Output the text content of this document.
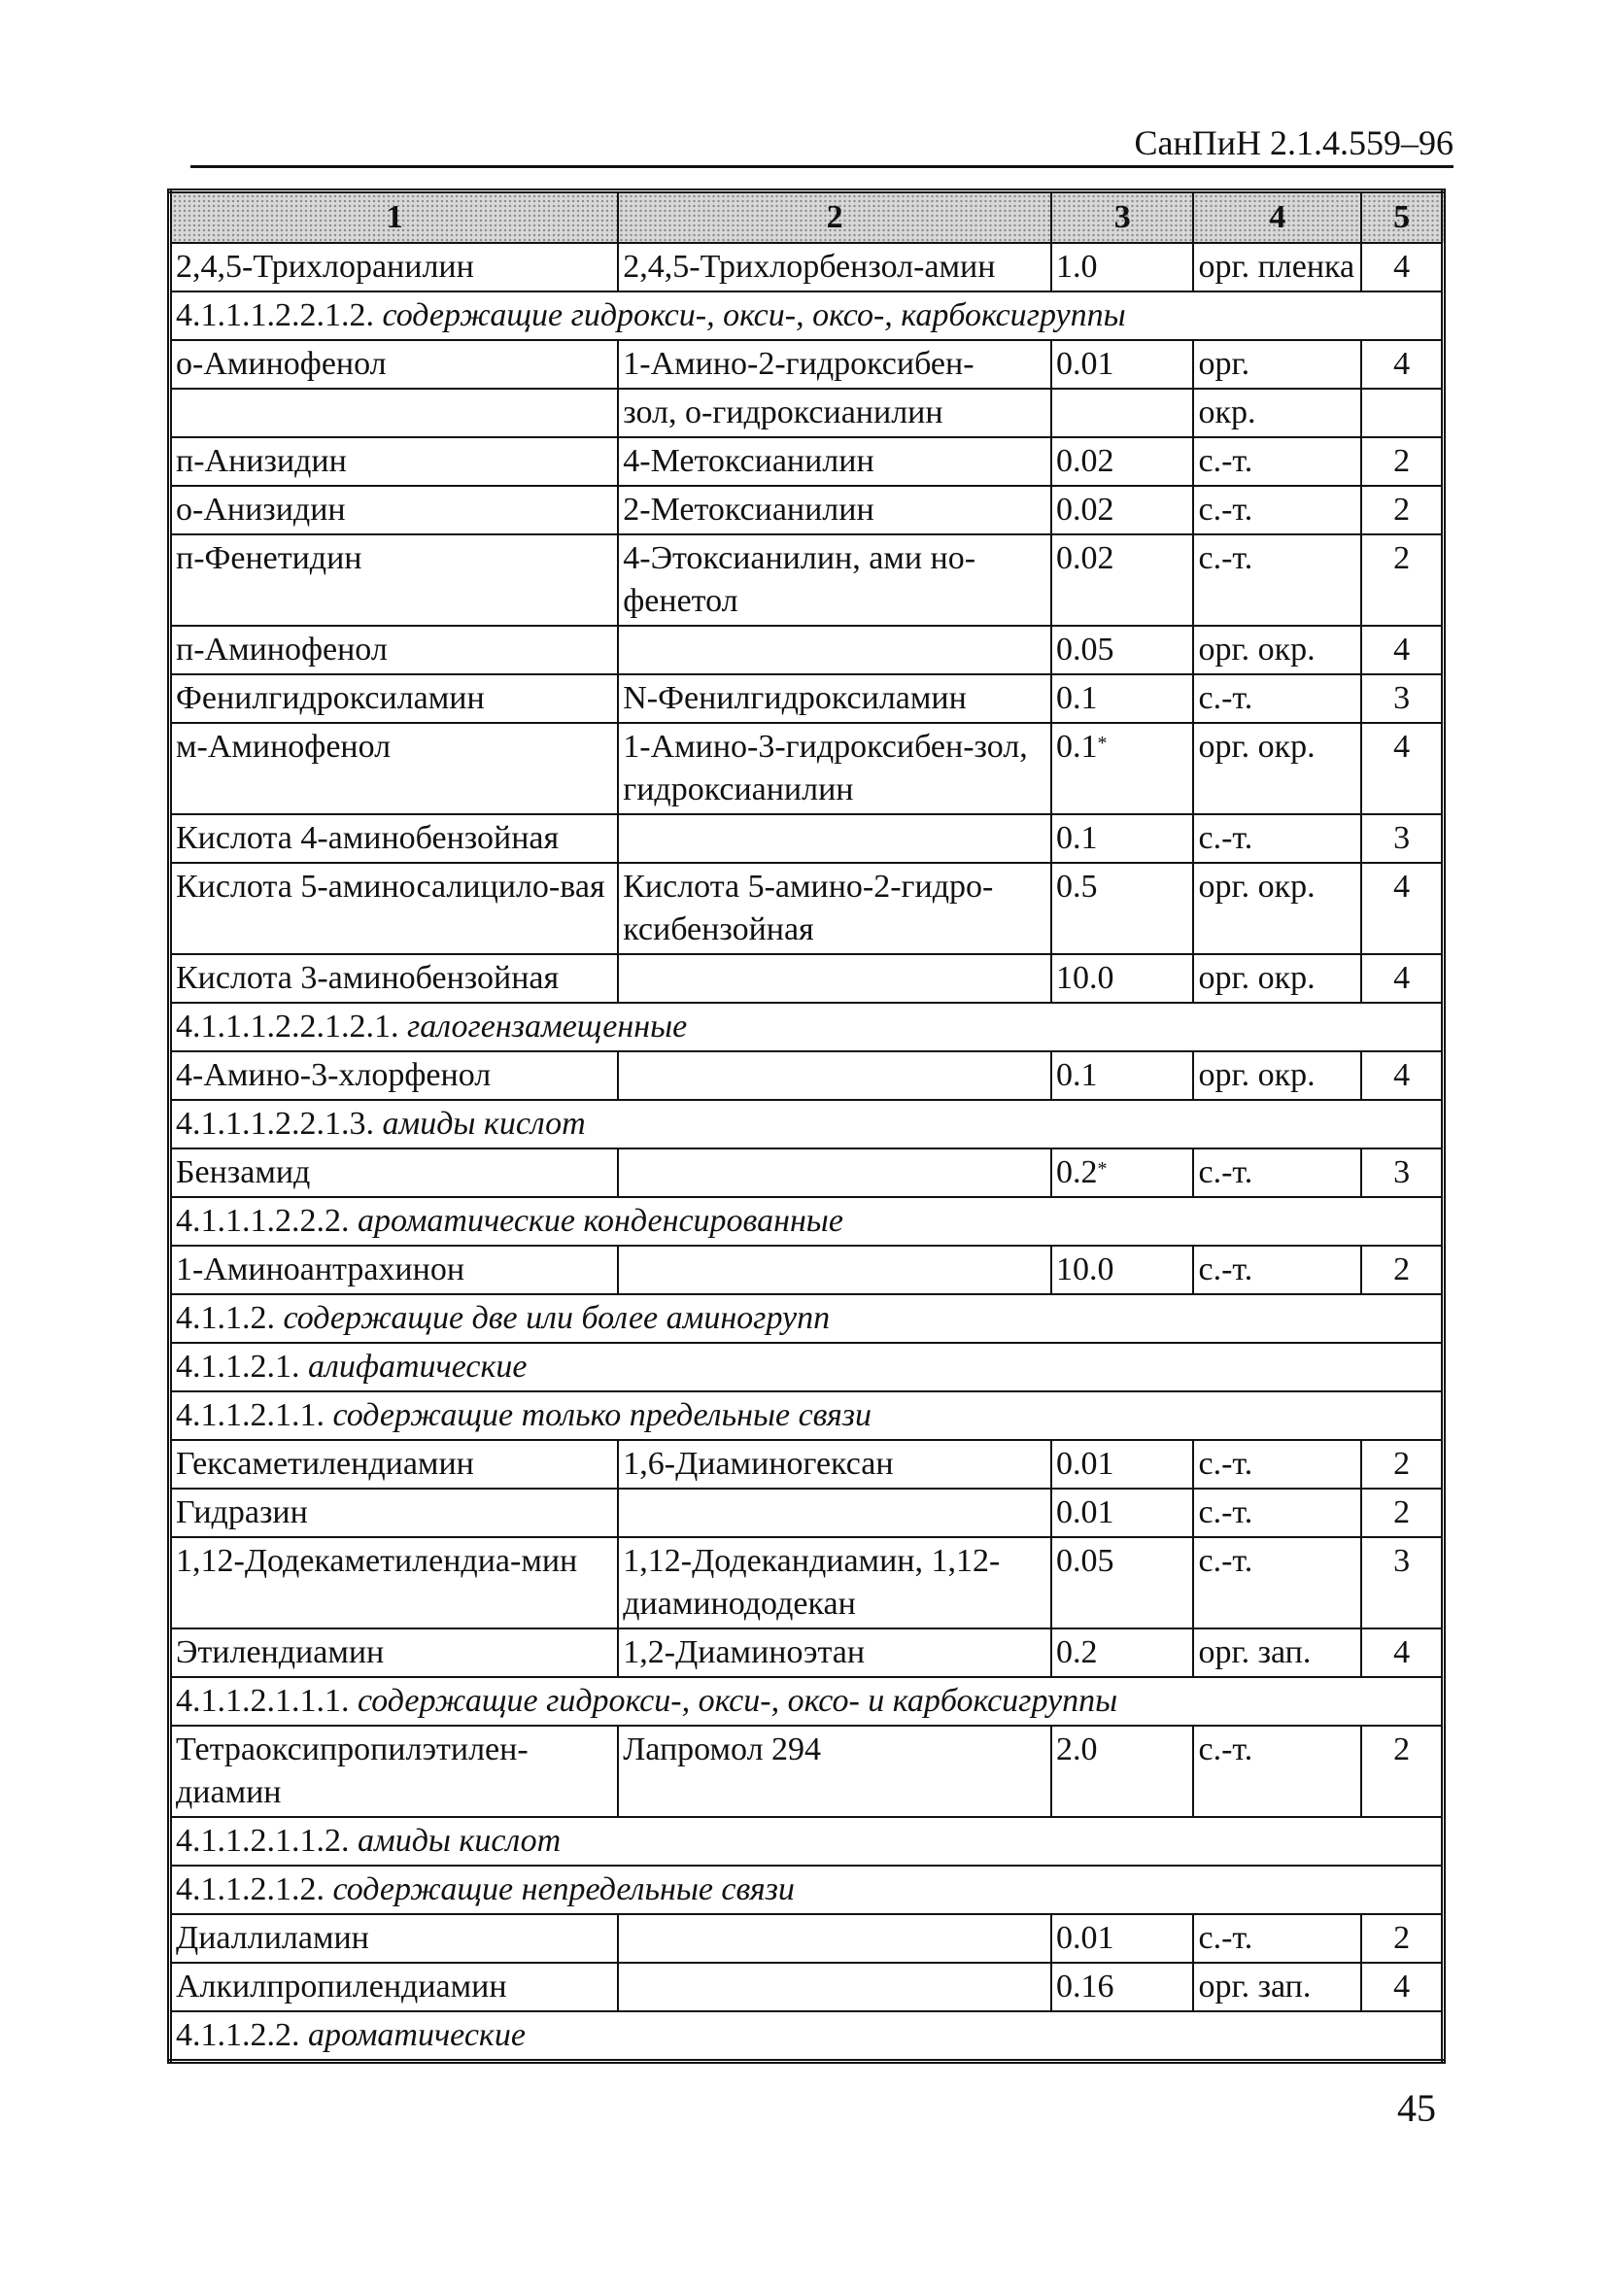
СанПиН 2.1.4.559–96
1	2	3	4	5
2,4,5-Трихлоранилин	2,4,5-Трихлорбензол-амин	1.0	орг. пленка	4
4.1.1.1.2.2.1.2. содержащие гидрокси-, окси-, оксо-, карбоксигруппы				
о-Аминофенол	1-Амино-2-гидроксибен-	0.01	орг.	4
	зол, о-гидроксианилин		окр.	
п-Анизидин	4-Метоксианилин	0.02	с.-т.	2
о-Анизидин	2-Метоксианилин	0.02	с.-т.	2
п-Фенетидин	4-Этоксианилин, ами но-фенетол	0.02	с.-т.	2
п-Аминофенол		0.05	орг. окр.	4
Фенилгидроксиламин	N-Фенилгидроксиламин	0.1	с.-т.	3
м-Аминофенол	1-Амино-3-гидроксибен-зол, гидроксианилин	0.1*	орг. окр.	4
Кислота 4-аминобензойная		0.1	с.-т.	3
Кислота 5-аминосалицило-вая	Кислота 5-амино-2-гидро-ксибензойная	0.5	орг. окр.	4
Кислота 3-аминобензойная		10.0	орг. окр.	4
4.1.1.1.2.2.1.2.1. галогензамещенные				
4-Амино-3-хлорфенол		0.1	орг. окр.	4
4.1.1.1.2.2.1.3. амиды кислот				
Бензамид		0.2*	с.-т.	3
4.1.1.1.2.2.2. ароматические конденсированные				
1-Аминоантрахинон		10.0	с.-т.	2
4.1.1.2. содержащие две или более аминогрупп				
4.1.1.2.1. алифатические				
4.1.1.2.1.1. содержащие только предельные связи				
Гексаметилендиамин	1,6-Диаминогексан	0.01	с.-т.	2
Гидразин		0.01	с.-т.	2
1,12-Додекаметилендиа-мин	1,12-Додекандиамин, 1,12-диаминододекан	0.05	с.-т.	3
Этилендиамин	1,2-Диаминоэтан	0.2	орг. зап.	4
4.1.1.2.1.1.1. содержащие гидрокси-, окси-, оксо- и карбоксигруппы				
Тетраоксипропилэтилен-диамин	Лапромол 294	2.0	с.-т.	2
4.1.1.2.1.1.2. амиды кислот				
4.1.1.2.1.2. содержащие непредельные связи				
Диаллиламин		0.01	с.-т.	2
Алкилпропилендиамин		0.16	орг. зап.	4
4.1.1.2.2. ароматические				
45
